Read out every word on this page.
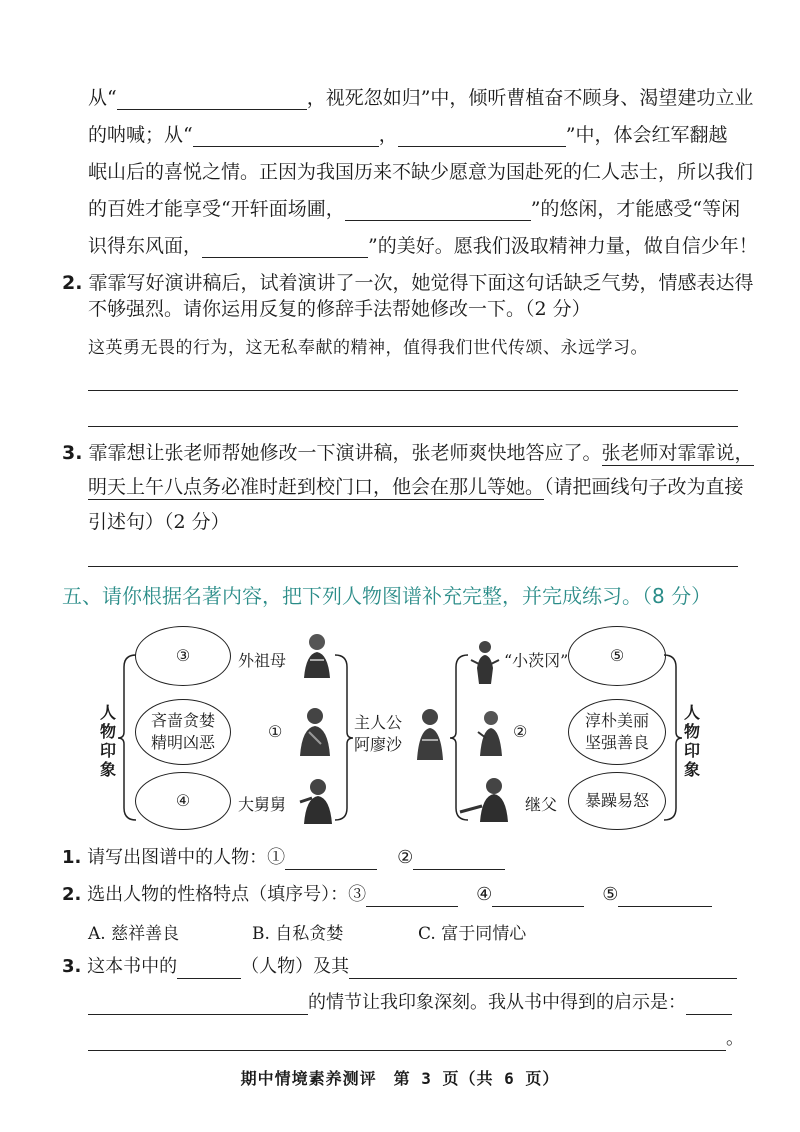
从“	，视死忽如归”中，倾听曹植奋不顾身、渴望建功立业
的呐喊；从“	，	”中，体会红军翻越
岷山后的喜悦之情。正因为我国历来不缺少愿意为国赴死的仁人志士，所以我们
的百姓才能享受“开轩面场圃，	”的悠闲，才能感受“等闲
识得东风面，	”的美好。愿我们汲取精神力量，做自信少年！
2. 霏霏写好演讲稿后，试着演讲了一次，她觉得下面这句话缺乏气势，情感表达得
不够强烈。请你运用反复的修辞手法帮她修改一下。（2 分）
这英勇无畏的行为，这无私奉献的精神，值得我们世代传颂、永远学习。
3. 霏霏想让张老师帮她修改一下演讲稿，张老师爽快地答应了。张老师对霏霏说，
明天上午八点务必准时赶到校门口，他会在那儿等她。（请把画线句子改为直接
引述句）（2 分）
五、请你根据名著内容，把下列人物图谱补充完整，并完成练习。（8 分）
人物印象
人物印象
③
吝啬贪婪
精明凶恶
④
外祖母
①
大舅舅
主人公
阿廖沙
“小茨冈”
②
继父
⑤
淳朴美丽
坚强善良
暴躁易怒
1. 请写出图谱中的人物：①	②
2. 选出人物的性格特点（填序号）：③	④	⑤
A. 慈祥善良	B. 自私贪婪	C. 富于同情心
3. 这本书中的	（人物）及其
的情节让我印象深刻。我从书中得到的启示是：
。
期中情境素养测评　第 3 页（共 6 页）
